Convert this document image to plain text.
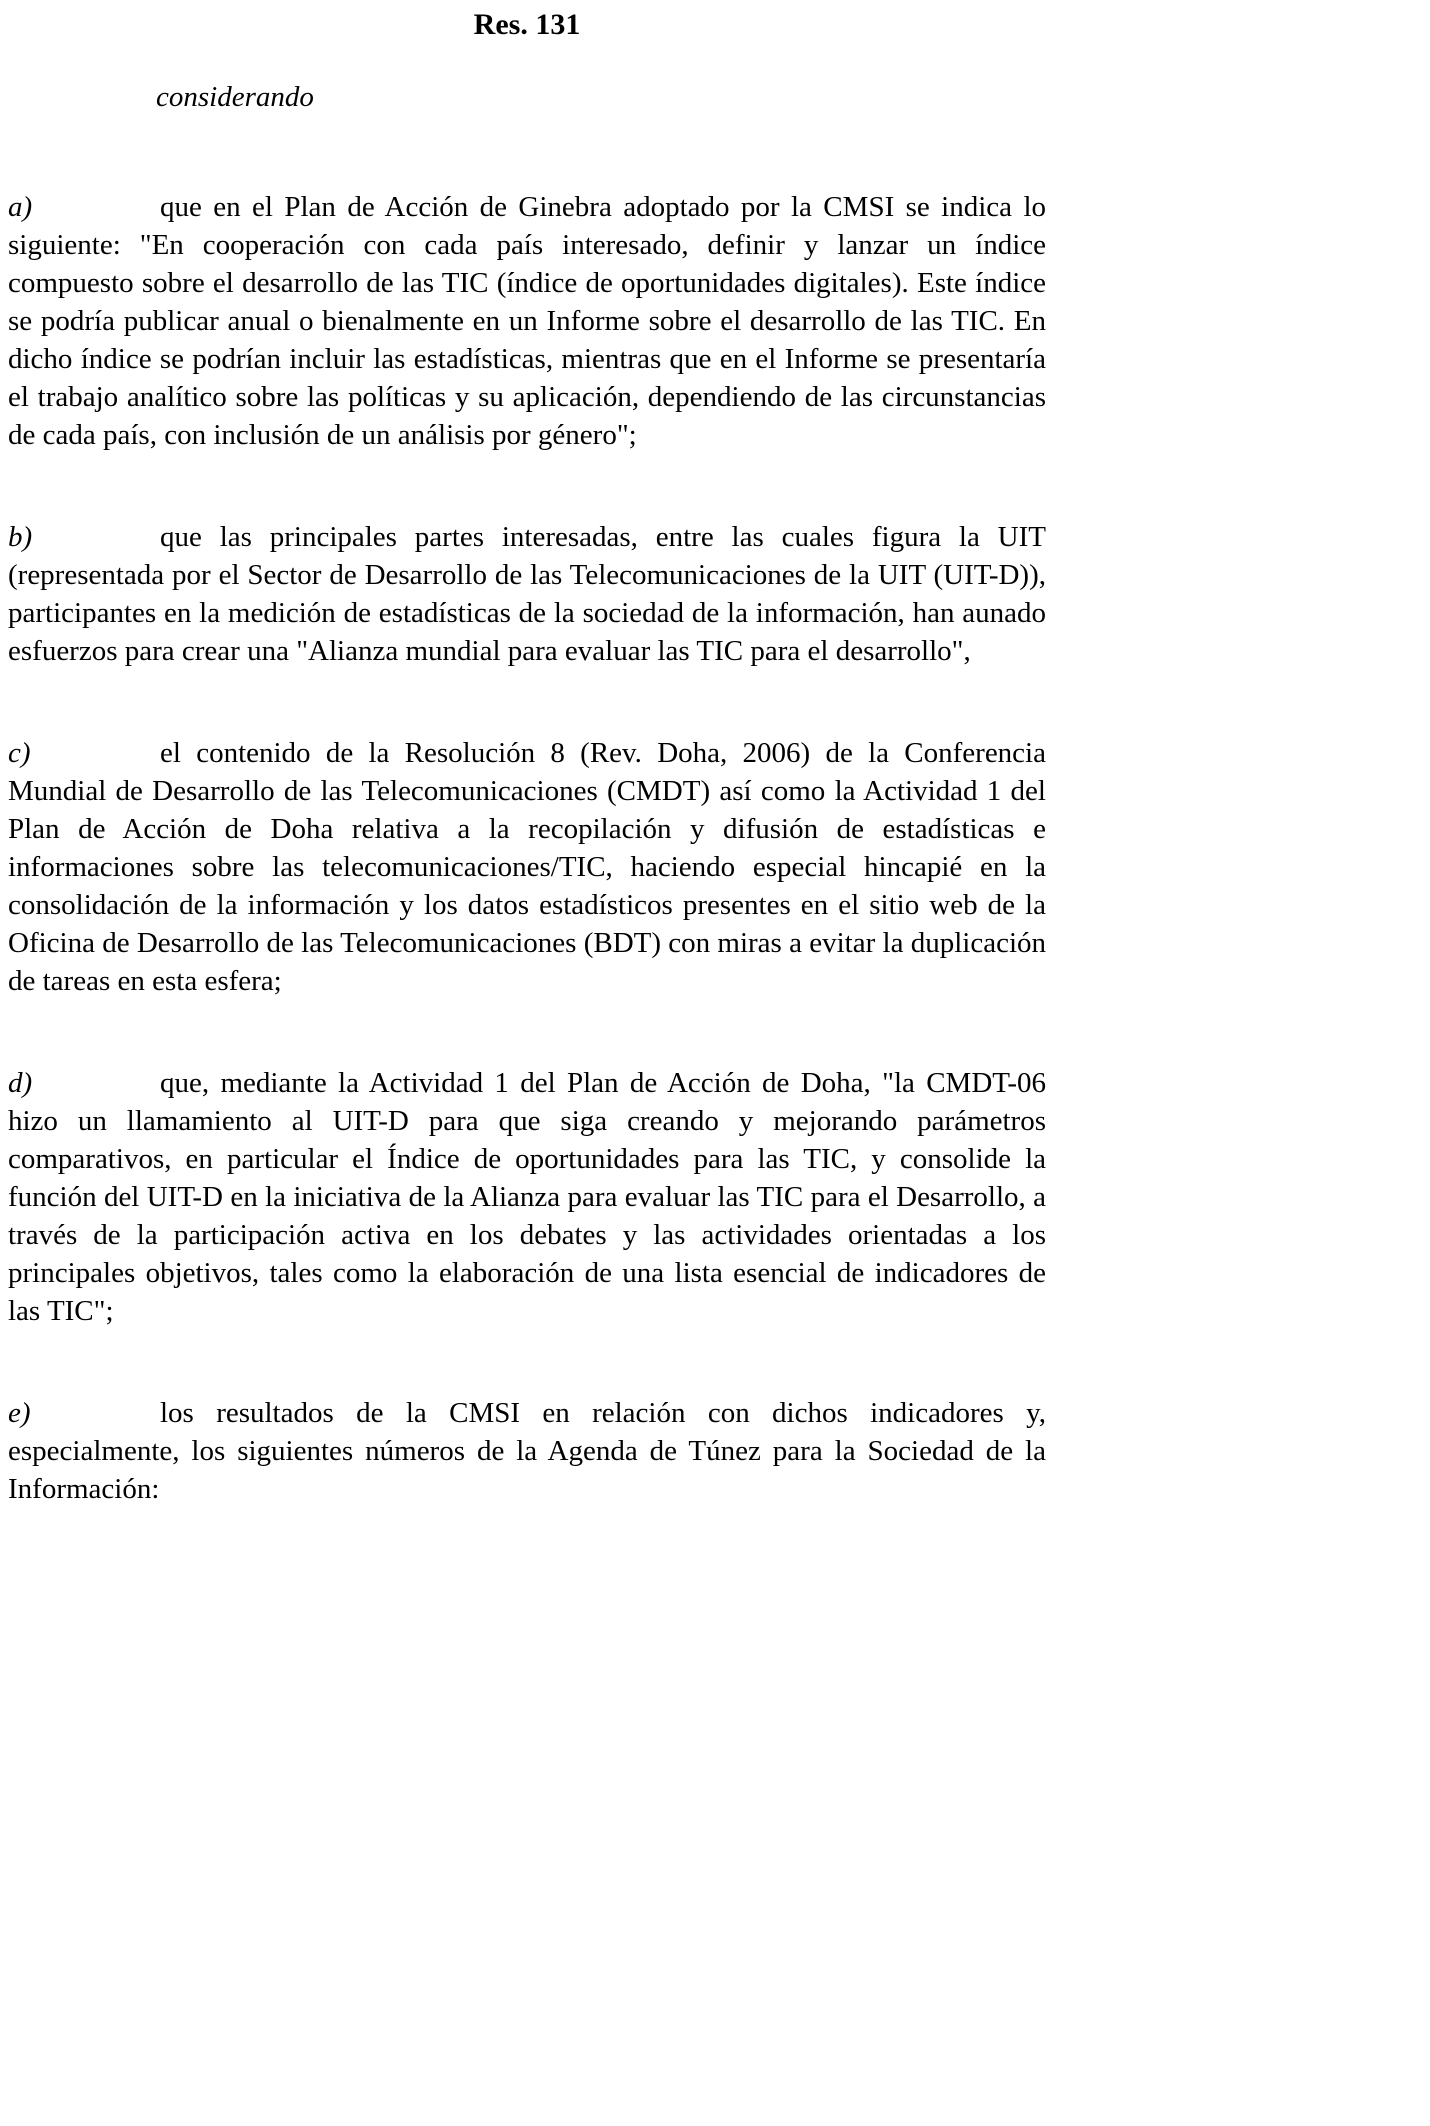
Res. 131
considerando
a)	que en el Plan de Acción de Ginebra adoptado por la CMSI se indica lo siguiente: "En cooperación con cada país interesado, definir y lanzar un índice compuesto sobre el desarrollo de las TIC (índice de oportunidades digitales). Este índice se podría publicar anual o bienalmente en un Informe sobre el desarrollo de las TIC. En dicho índice se podrían incluir las estadísticas, mientras que en el Informe se presentaría el trabajo analítico sobre las políticas y su aplicación, dependiendo de las circunstancias de cada país, con inclusión de un análisis por género";
b)	que las principales partes interesadas, entre las cuales figura la UIT (representada por el Sector de Desarrollo de las Telecomunicaciones de la UIT (UIT-D)), participantes en la medición de estadísticas de la sociedad de la información, han aunado esfuerzos para crear una "Alianza mundial para evaluar las TIC para el desarrollo",
c)	el contenido de la Resolución 8 (Rev. Doha, 2006) de la Conferencia Mundial de Desarrollo de las Telecomunicaciones (CMDT) así como la Actividad 1 del Plan de Acción de Doha relativa a la recopilación y difusión de estadísticas e informaciones sobre las telecomunicaciones/TIC, haciendo especial hincapié en la consolidación de la información y los datos estadísticos presentes en el sitio web de la Oficina de Desarrollo de las Telecomunicaciones (BDT) con miras a evitar la duplicación de tareas en esta esfera;
d)	que, mediante la Actividad 1 del Plan de Acción de Doha, "la CMDT-06 hizo un llamamiento al UIT-D para que siga creando y mejorando parámetros comparativos, en particular el Índice de oportunidades para las TIC, y consolide la función del UIT-D en la iniciativa de la Alianza para evaluar las TIC para el Desarrollo, a través de la participación activa en los debates y las actividades orientadas a los principales objetivos, tales como la elaboración de una lista esencial de indicadores de las TIC";
e)	los resultados de la CMSI en relación con dichos indicadores y, especialmente, los siguientes números de la Agenda de Túnez para la Sociedad de la Información:
